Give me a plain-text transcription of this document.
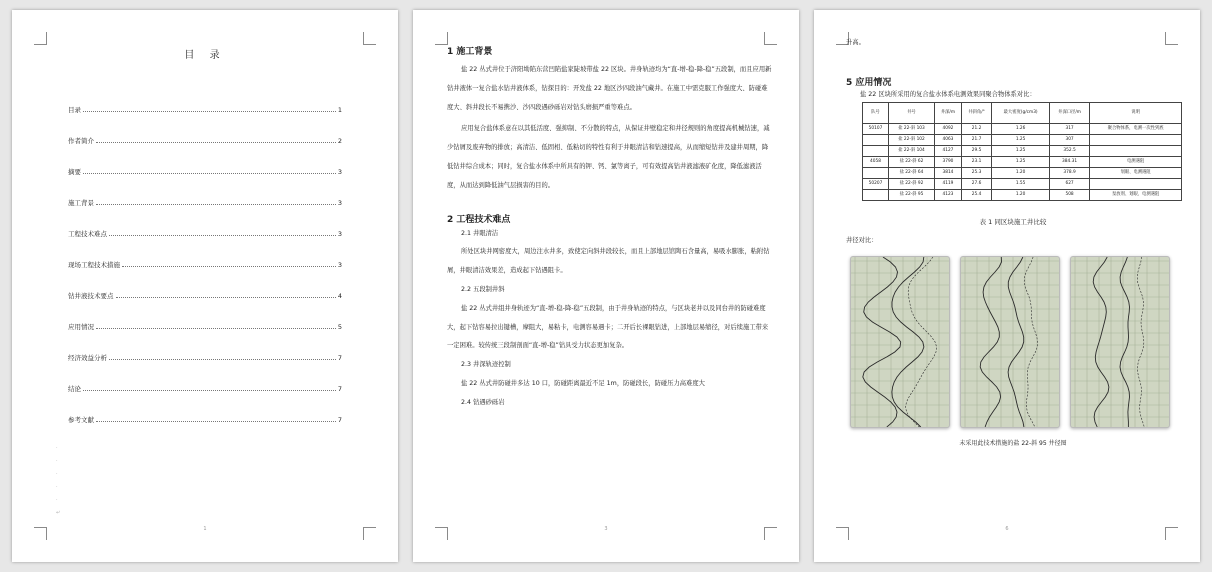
目 录
目录	1
作者简介	2
摘要	3
施工背景	3
工程技术难点	3
现场工程技术措施	3
钻井液技术要点	4
应用情况	5
经济效益分析	7
结论	7
参考文献	7
·
·
·
·
·
↵
1
1 施工背景

盐 22 丛式井位于济阳坳陷东营凹陷盐家陡坡带盐 22 区块。井身轨迹均为“直-增-稳-降-稳”五段制，而且应用新钻井液体一复合盐水钻井液体系，钻探目的：开发盐 22 地区沙四段油气藏井。在施工中需克服工作强度大、防碰难度大、斜井段长不易携沙、沙四段遇砂砾岩对钻头磨损严重等难点。

应用复合盐体系意在以其低活度、强抑制、不分散的特点，从保证井壁稳定和井径规则的角度提高机械钻速，减少钻屑及废弃物的排放；高清洁、低固相、低粘切的特性有利于井眼清洁和钻速提高，从而缩短钻井及建井周期，降低钻井综合成本；同时，复合盐水体系中所具有的钾、钙、氯等离子，可有效提高钻井液滤液矿化度，降低滤液活度，从而达到降低油气层损害的目的。

2 工程技术难点

2.1 井眼清洁

所处区块井网密度大，周边注水井多，致使定向斜井段较长，而且上部地层馆陶石含量高，易吸水膨胀，粘附钻屑，井眼清洁效果差，造成起下钻遇阻卡。

2.2 五段制井斜

盐 22 丛式井组井身轨迹为“直-增-稳-降-稳”五段制，由于井身轨迹的特点，与区块老井以及同台井的防碰难度大，起下钻容易拉出键槽，摩阻大，易粘卡，电测容易遇卡；二开后长裸眼钻进，上部地层易缩径，对后续施工带来一定困难。较传统三段制剖面“直-增-稳”钻具受力状态更加复杂。

2.3 井深轨迹控制

盐 22 丛式井防碰井多达 10 口，防碰距离最近不足 1m，防碰段长，防碰压力高难度大

2.4 钻遇砂砾岩

3

升高。

5 应用情况

盐 22 区块所采用的复合盐水体系电测效果同聚合物体系对比：

队号	井号	井深/m	井斜角/°	最大密度(g/cm3)	井深口径/m	说明
50107	盐 22-斜 103	4092	21.2	1.26	317	聚合物体系，电测一次性到底
	盐 22-斜 102	4063	21.7	1.25	307	
	盐 22-斜 104	4127	29.5	1.25	352.5	
4058	盐 22-斜 62	3790	23.1	1.25	384.31	电测遇阻
	盐 22-斜 64	3814	25.3	1.20	378.9	划眼、电测遇阻
50207	盐 22-斜 92	4119	27.6	1.55	627	
	盐 22-斜 95	4123	25.4	1.20	508	泵放剂、划眼、电测遇阻
表 1 同区块施工井比较

井径对比：

未采用此技术措施的盐 22-斜 95 井径图
6
